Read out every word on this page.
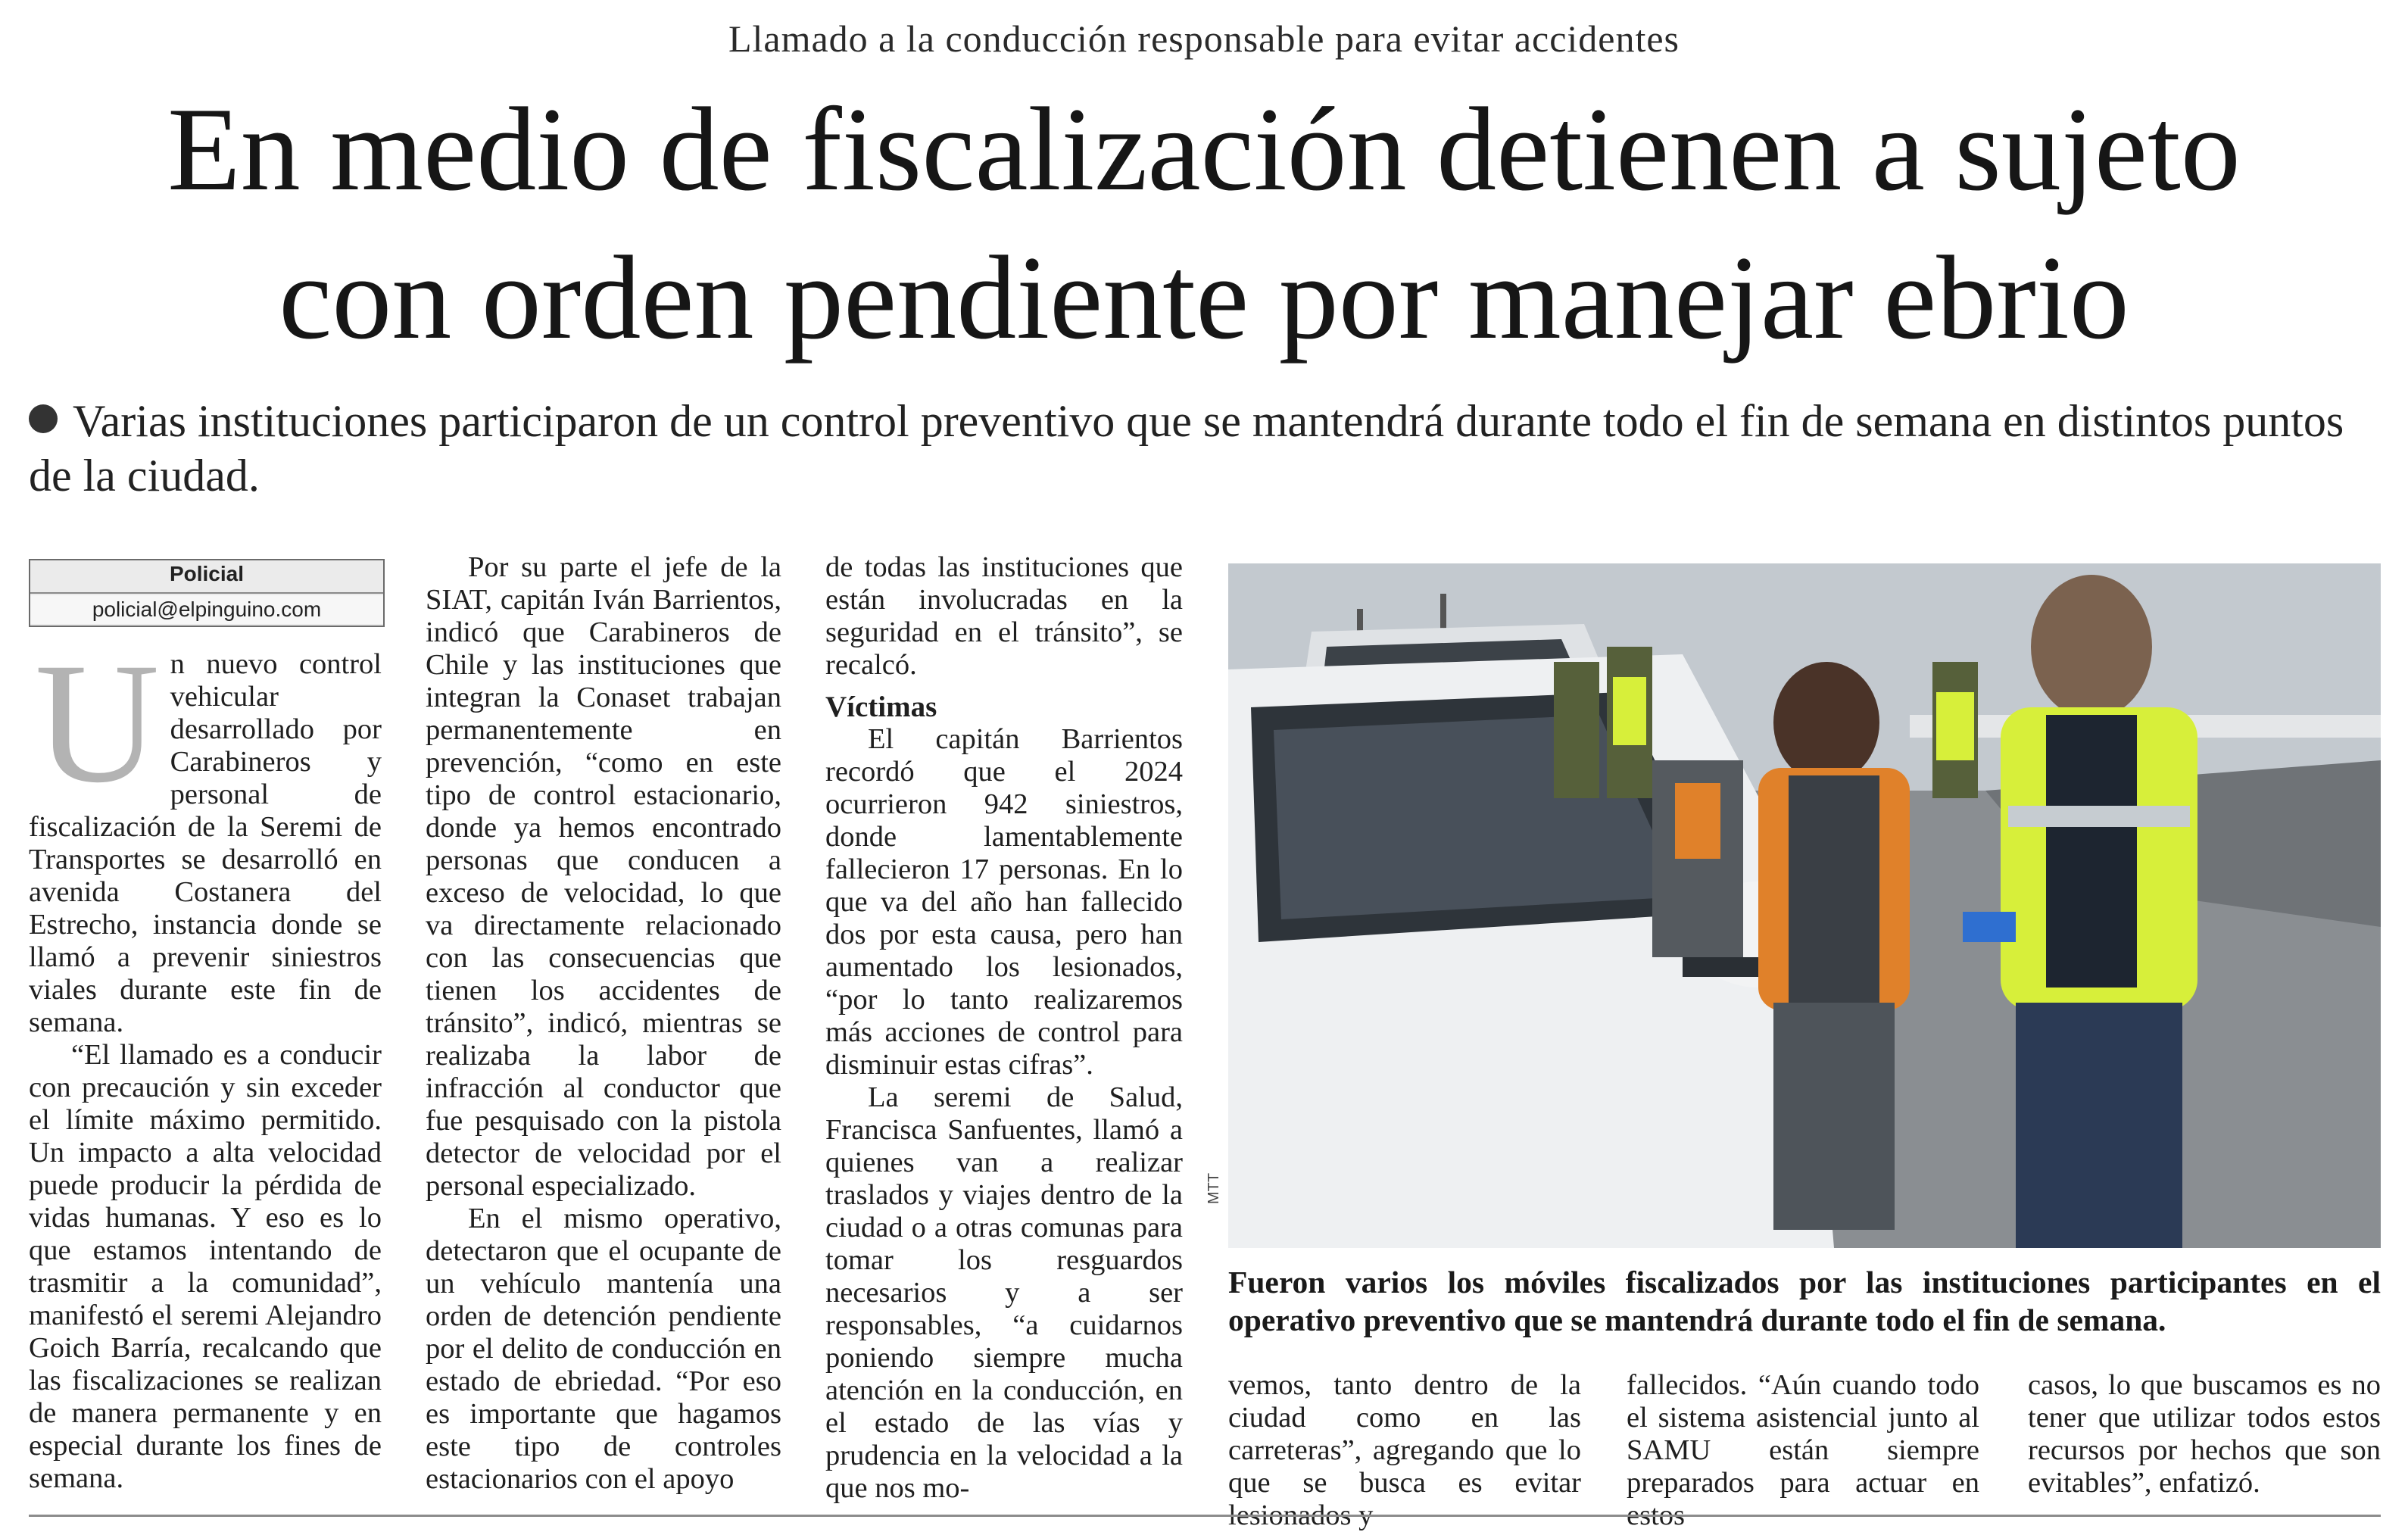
Llamado a la conducción responsable para evitar accidentes
En medio de fiscalización detienen a sujeto
con orden pendiente por manejar ebrio
Varias instituciones participaron de un control preventivo que se mantendrá durante todo el fin de semana en distintos puntos de la ciudad.
Policial
policial@elpinguino.com

Un nuevo control vehicular desarrollado por Carabineros y personal de fiscalización de la Seremi de Transportes se desarrolló en avenida Costanera del Estrecho, instancia donde se llamó a prevenir siniestros viales durante este fin de semana.

“El llamado es a conducir con precaución y sin exceder el límite máximo permitido. Un impacto a alta velocidad puede producir la pérdida de vidas humanas. Y eso es lo que estamos intentando de trasmitir a la comunidad”, manifestó el seremi Alejandro Goich Barría, recalcando que las fiscalizaciones se realizan de manera permanente y en especial durante los fines de semana.

Por su parte el jefe de la SIAT, capitán Iván Barrientos, indicó que Carabineros de Chile y las instituciones que integran la Conaset trabajan permanentemente en prevención, “como en este tipo de control estacionario, donde ya hemos encontrado personas que conducen a exceso de velocidad, lo que va directamente relacionado con las consecuencias que tienen los accidentes de tránsito”, indicó, mientras se realizaba la labor de infracción al conductor que fue pesquisado con la pistola detector de velocidad por el personal especializado.

En el mismo operativo, detectaron que el ocupante de un vehículo mantenía una orden de detención pendiente por el delito de conducción en estado de ebriedad. “Por eso es importante que hagamos este tipo de controles estacionarios con el apoyo

de todas las instituciones que están involucradas en la seguridad en el tránsito”, se recalcó.

Víctimas

El capitán Barrientos recordó que el 2024 ocurrieron 942 siniestros, donde lamentablemente fallecieron 17 personas. En lo que va del año han fallecido dos por esta causa, pero han aumentado los lesionados, “por lo tanto realizaremos más acciones de control para disminuir estas cifras”.

La seremi de Salud, Francisca Sanfuentes, llamó a quienes van a realizar traslados y viajes dentro de la ciudad o a otras comunas para tomar los resguardos necesarios y a ser responsables, “a cuidarnos poniendo siempre mucha atención en la conducción, en el estado de las vías y prudencia en la velocidad a la que nos mo-

MTT
Fueron varios los móviles fiscalizados por las instituciones participantes en el operativo preventivo que se mantendrá durante todo el fin de semana.

vemos, tanto dentro de la ciudad como en las carreteras”, agregando que lo que se busca es evitar lesionados y

fallecidos. “Aún cuando todo el sistema asistencial junto al SAMU están siempre preparados para actuar en estos

casos, lo que buscamos es no tener que utilizar todos estos recursos por hechos que son evitables”, enfatizó.
